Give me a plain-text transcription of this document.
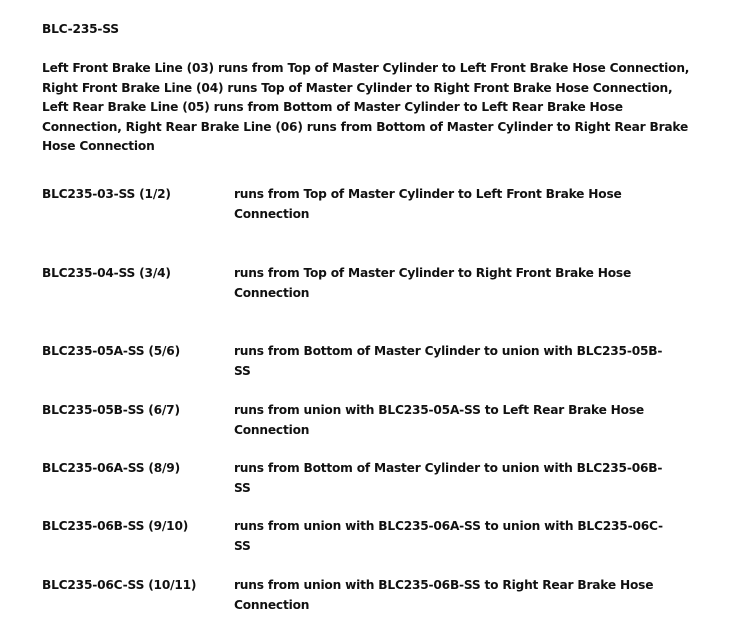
BLC-235-SS
Left Front Brake Line (03) runs from Top of Master Cylinder to Left Front Brake Hose Connection, Right Front Brake Line (04) runs Top of Master Cylinder to Right Front Brake Hose Connection, Left Rear Brake Line (05) runs from Bottom of Master Cylinder to Left Rear Brake Hose Connection, Right Rear Brake Line (06) runs from Bottom of Master Cylinder to Right Rear Brake Hose Connection
BLC235-03-SS (1/2)	runs from Top of Master Cylinder to Left Front Brake Hose Connection
BLC235-04-SS (3/4)	runs from Top of Master Cylinder to Right Front Brake Hose Connection
BLC235-05A-SS (5/6)	runs from Bottom of Master Cylinder to union with BLC235-05B-SS
BLC235-05B-SS (6/7)	runs from union with BLC235-05A-SS to Left Rear Brake Hose Connection
BLC235-06A-SS (8/9)	runs from Bottom of Master Cylinder to union with BLC235-06B-SS
BLC235-06B-SS (9/10)	runs from union with BLC235-06A-SS to union with BLC235-06C-SS
BLC235-06C-SS (10/11)	runs from union with BLC235-06B-SS to Right Rear Brake Hose Connection
